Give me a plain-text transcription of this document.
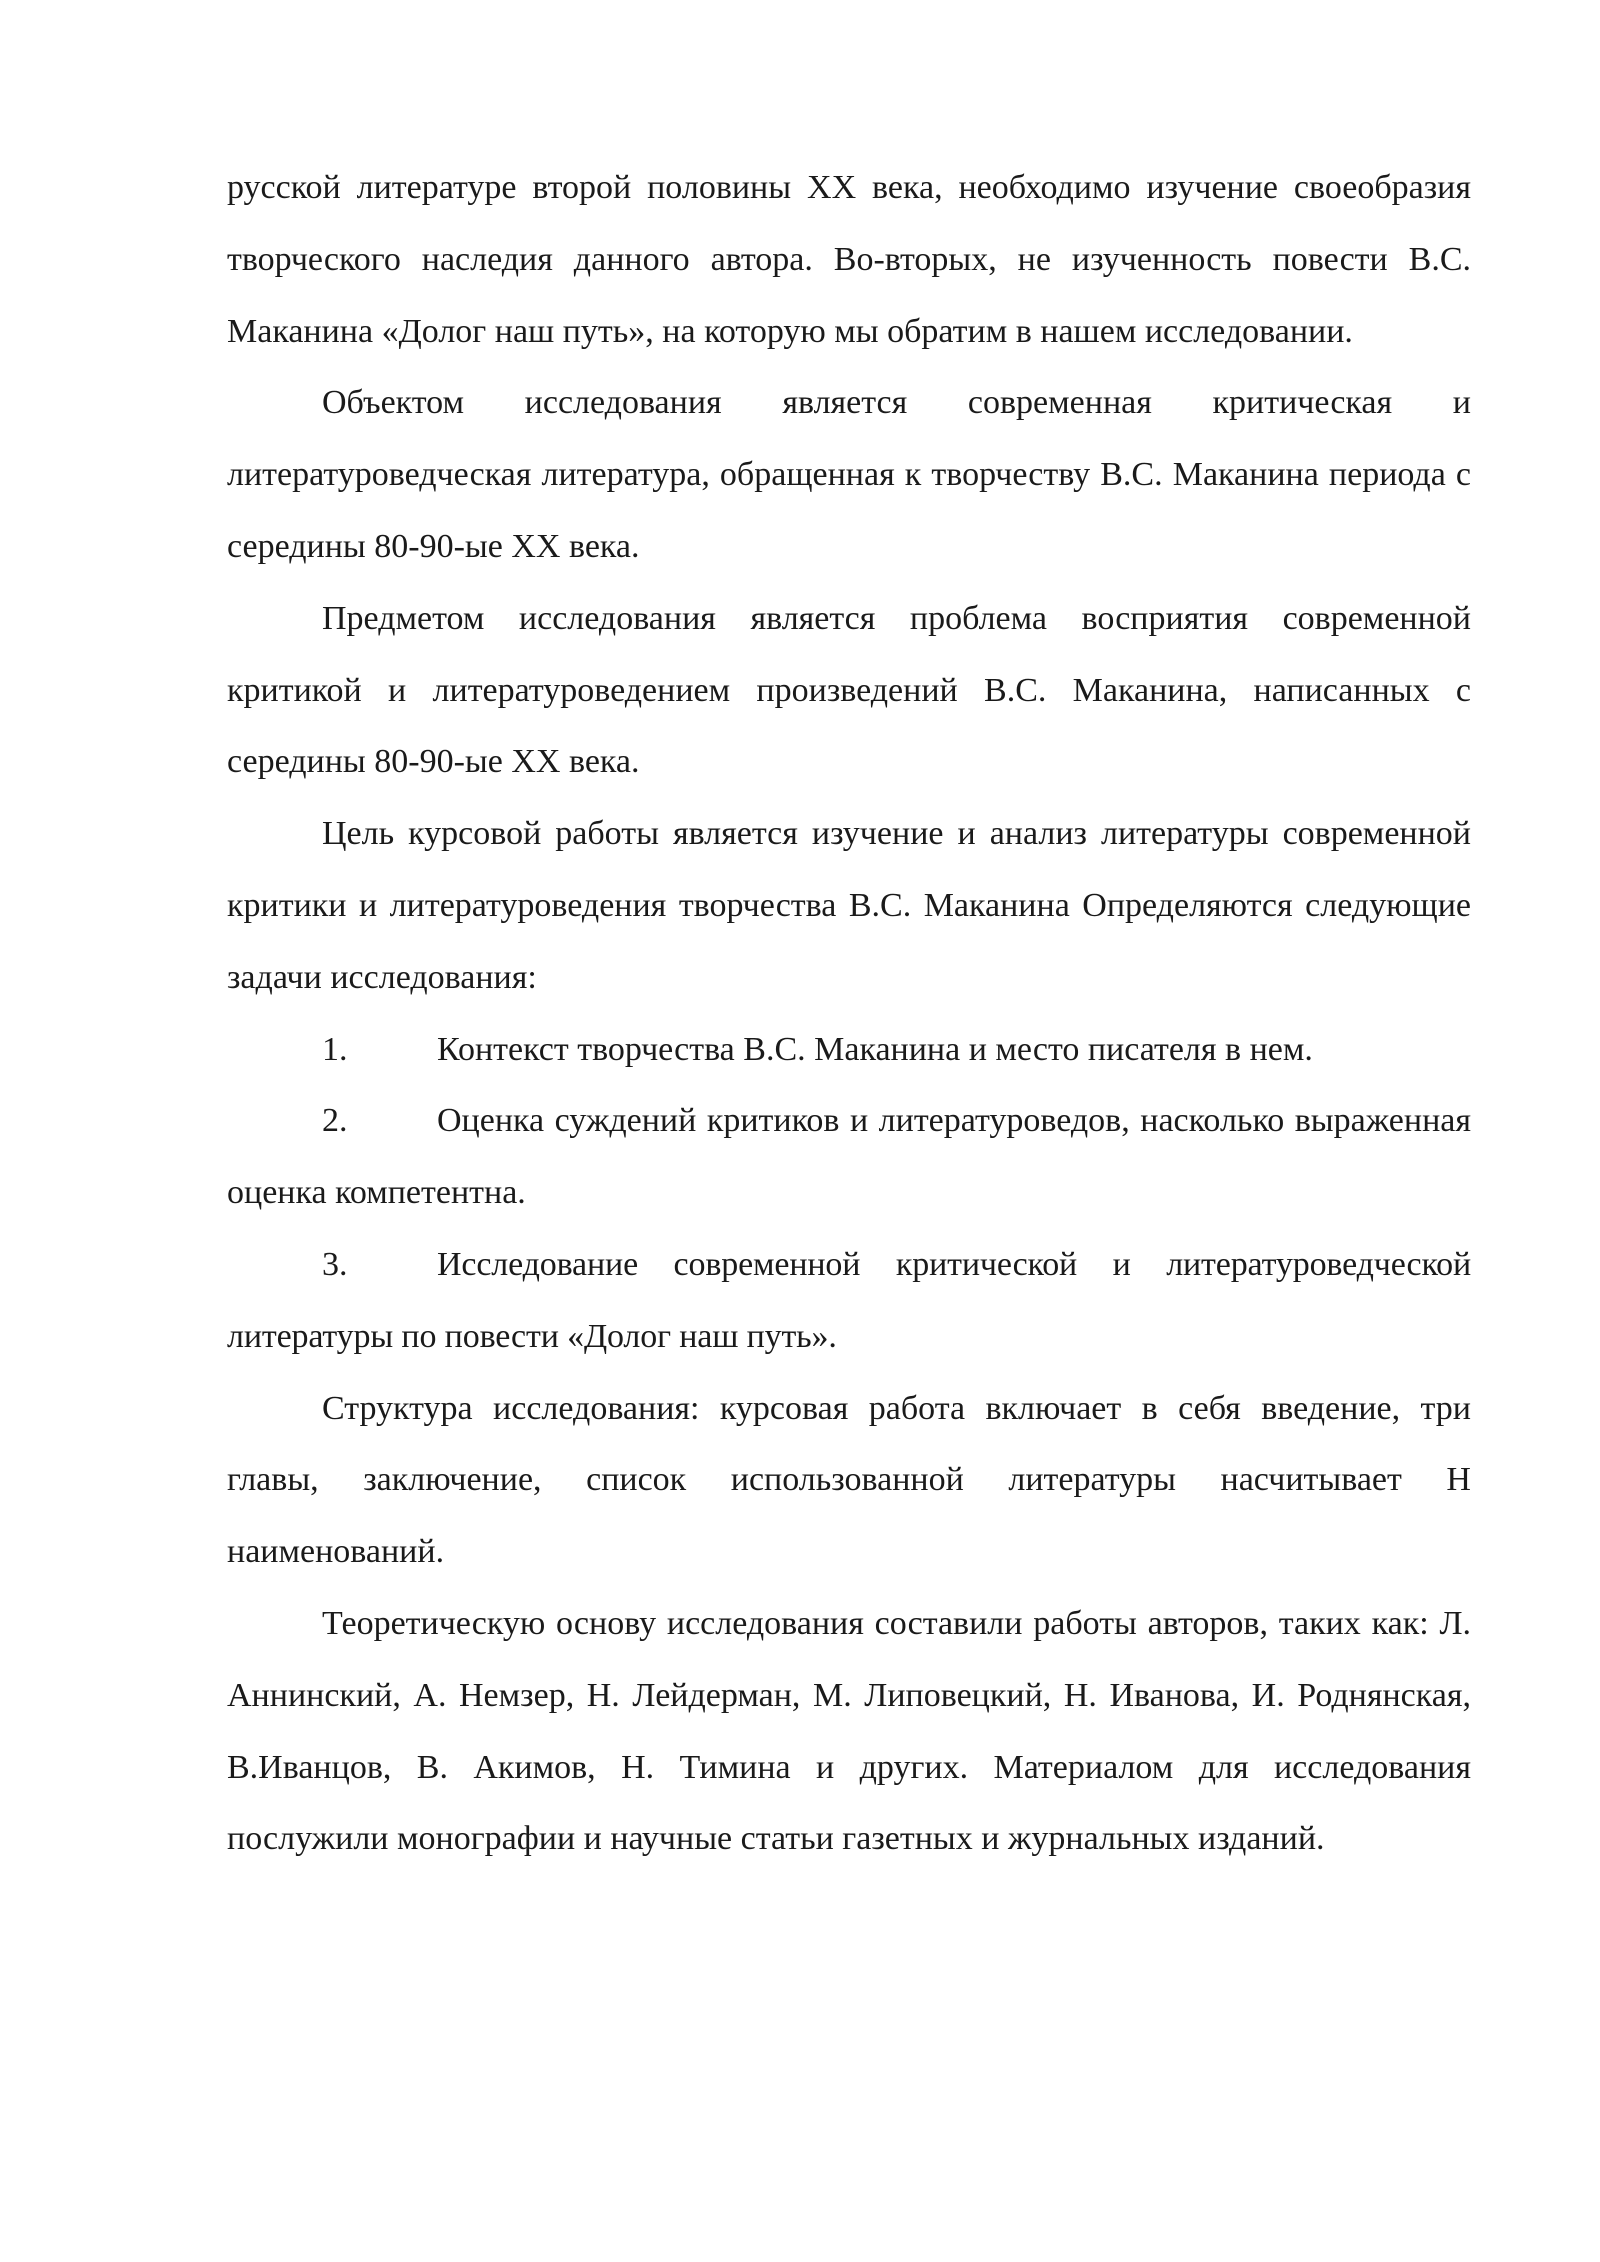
русской литературе второй половины XX века, необходимо изучение своеобразия творческого наследия данного автора. Во-вторых, не изученность повести В.С. Маканина «Долог наш путь», на которую мы обратим в нашем исследовании.

Объектом исследования является современная критическая и литературоведческая литература, обращенная к творчеству В.С. Маканина периода с середины 80-90-ые XX века.

Предметом исследования является проблема восприятия современной критикой и литературоведением произведений В.С. Маканина, написанных с середины 80-90-ые XX века.

Цель курсовой работы является изучение и анализ литературы современной критики и литературоведения творчества В.С. Маканина Определяются следующие задачи исследования:

1.	Контекст творчества В.С. Маканина и место писателя в нем.

2.	Оценка суждений критиков и литературоведов, насколько выраженная оценка компетентна.

3.	Исследование современной критической и литературоведческой литературы по повести «Долог наш путь».

Структура исследования: курсовая работа включает в себя введение, три главы, заключение, список использованной литературы насчитывает Н наименований.

Теоретическую основу исследования составили работы авторов, таких как: Л. Аннинский, А. Немзер, Н. Лейдерман, М. Липовецкий, Н. Иванова, И. Роднянская, В.Иванцов, В. Акимов, Н. Тимина и других. Материалом для исследования послужили монографии и научные статьи газетных и журнальных изданий.
